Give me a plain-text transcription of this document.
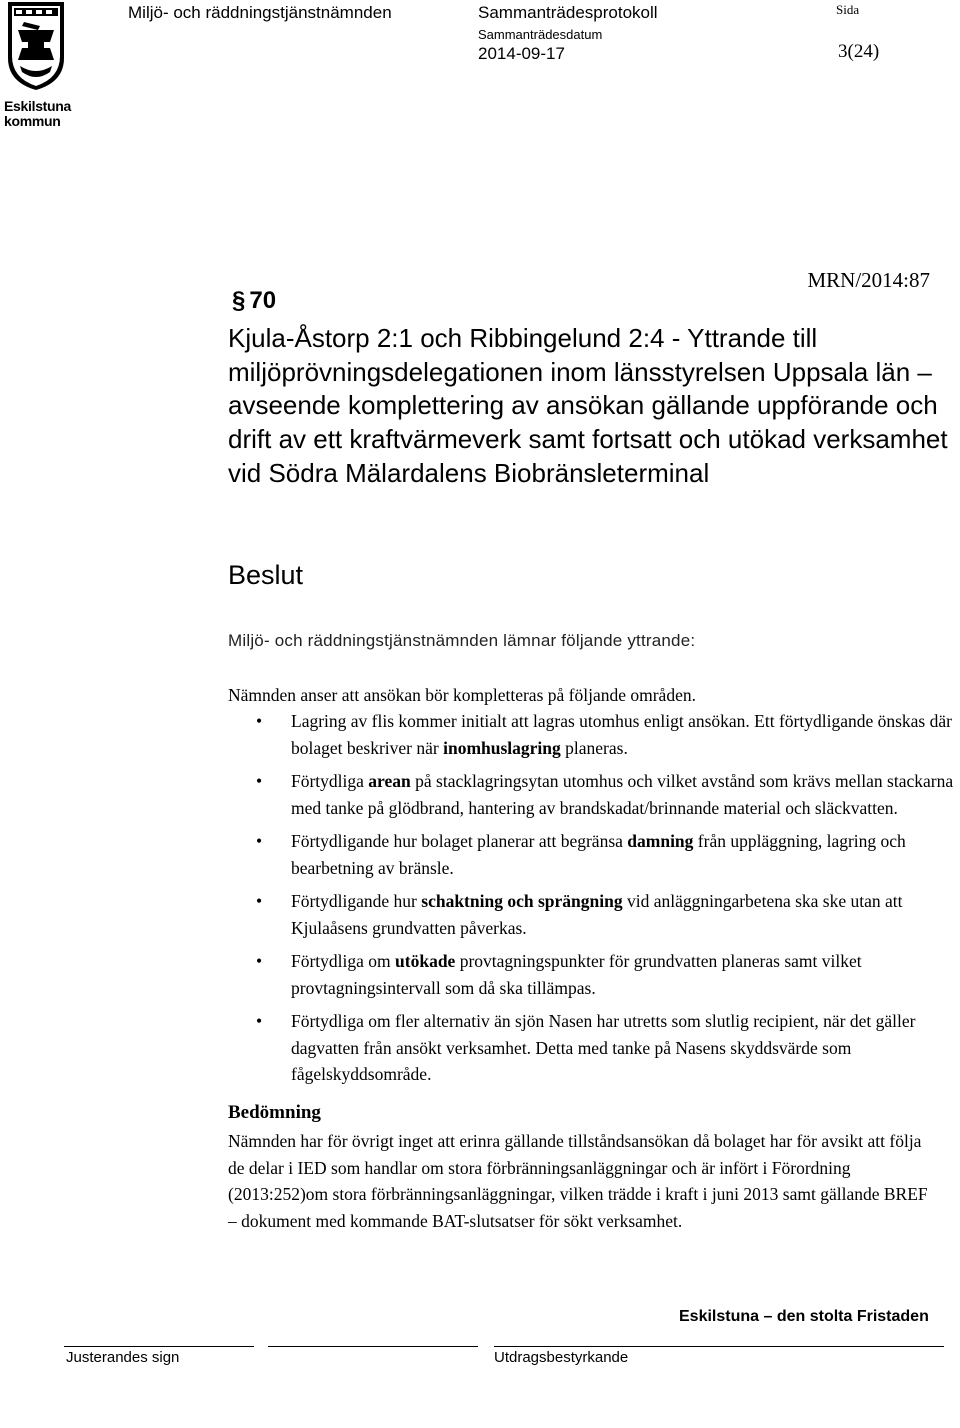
Eskilstuna
kommun
Miljö- och räddningstjänstnämnden	Sammanträdesprotokoll	Sida
Sammanträdesdatum
2014-09-17	3(24)
MRN/2014:87
§ 70
Kjula-Åstorp 2:1 och Ribbingelund 2:4 - Yttrande till miljöprövningsdelegationen inom länsstyrelsen Uppsala län – avseende komplettering av ansökan gällande uppförande och drift av ett kraftvärmeverk samt fortsatt och utökad verksamhet vid Södra Mälardalens Biobränsleterminal
Beslut
Miljö- och räddningstjänstnämnden lämnar följande yttrande:
Nämnden anser att ansökan bör kompletteras på följande områden.
• Lagring av flis kommer initialt att lagras utomhus enligt ansökan. Ett förtydligande önskas där bolaget beskriver när inomhuslagring planeras.
• Förtydliga arean på stacklagringsytan utomhus och vilket avstånd som krävs mellan stackarna med tanke på glödbrand, hantering av brandskadat/brinnande material och släckvatten.
• Förtydligande hur bolaget planerar att begränsa damning från uppläggning, lagring och bearbetning av bränsle.
• Förtydligande hur schaktning och sprängning vid anläggningarbetena ska ske utan att Kjulaåsens grundvatten påverkas.
• Förtydliga om utökade provtagningspunkter för grundvatten planeras samt vilket provtagningsintervall som då ska tillämpas.
• Förtydliga om fler alternativ än sjön Nasen har utretts som slutlig recipient, när det gäller dagvatten från ansökt verksamhet. Detta med tanke på Nasens skyddsvärde som fågelskyddsområde.
Bedömning
Nämnden har för övrigt inget att erinra gällande tillståndsansökan då bolaget har för avsikt att följa de delar i IED som handlar om stora förbränningsanläggningar och är infört i Förordning (2013:252)om stora förbränningsanläggningar, vilken trädde i kraft i juni 2013 samt gällande BREF – dokument med kommande BAT-slutsatser för sökt verksamhet.
Eskilstuna – den stolta Fristaden
Justerandes sign	Utdragsbestyrkande
